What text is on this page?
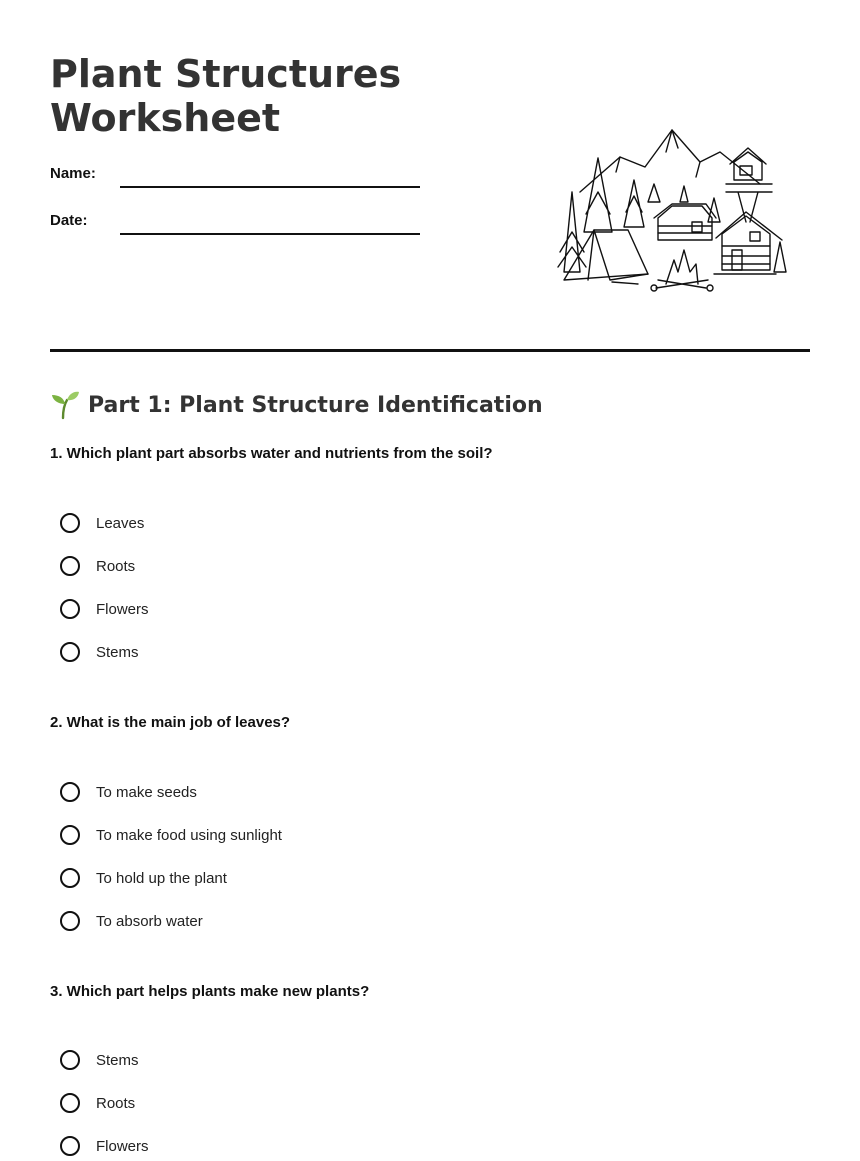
Plant Structures
Worksheet
Name:
Date:
Part 1: Plant Structure Identification
1. Which plant part absorbs water and nutrients from the soil?
Leaves
Roots
Flowers
Stems
2. What is the main job of leaves?
To make seeds
To make food using sunlight
To hold up the plant
To absorb water
3. Which part helps plants make new plants?
Stems
Roots
Flowers
